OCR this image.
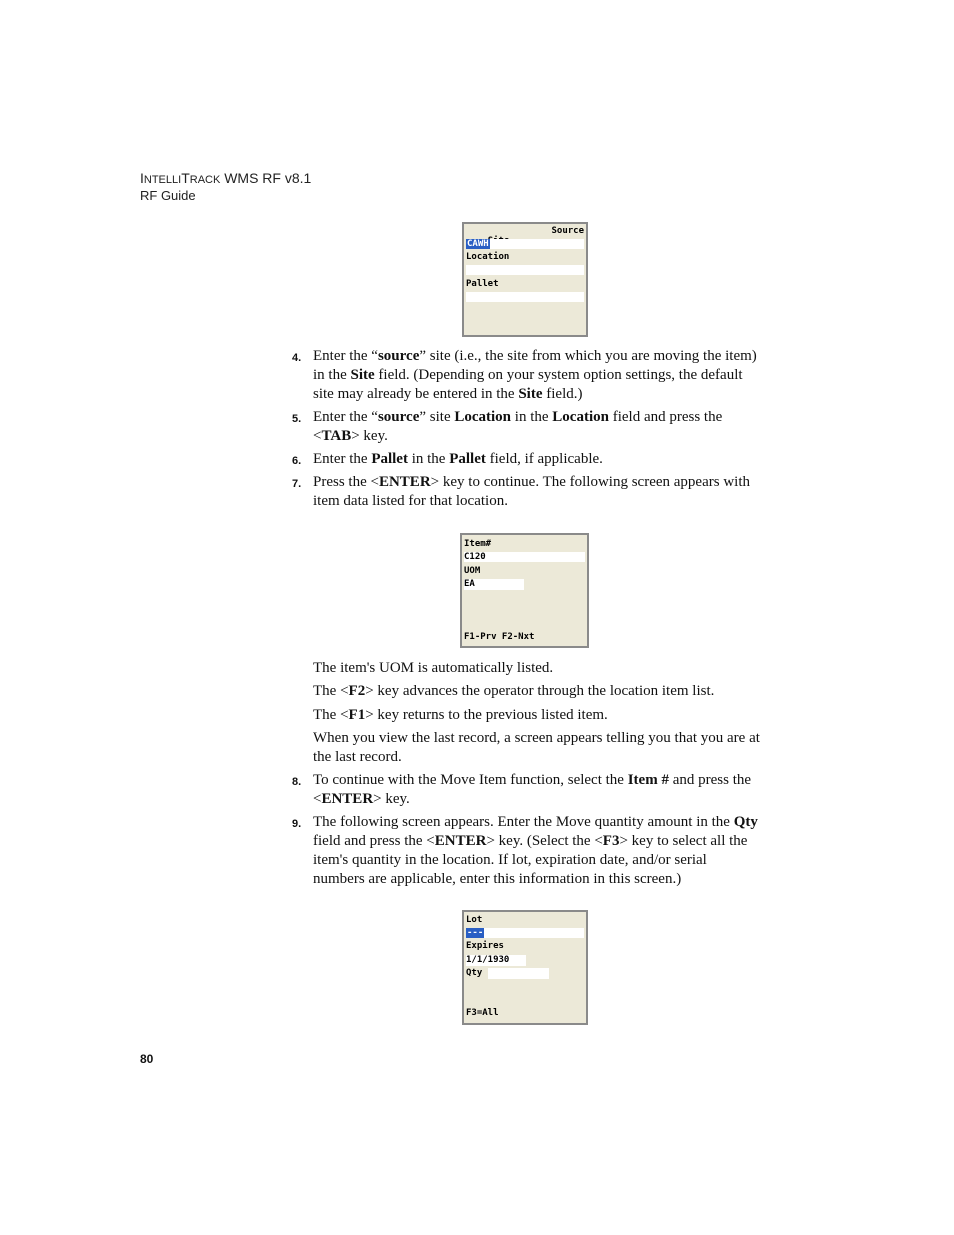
INTELLITRACK WMS RF v8.1
RF Guide

Source

CAWH
Location
Pallet
4. Enter the “source” site (i.e., the site from which you are moving the item) in the Site field. (Depending on your system option settings, the default site may already be entered in the Site field.)
5. Enter the “source” site Location in the Location field and press the <TAB> key.
6. Enter the Pallet in the Pallet field, if applicable.
7. Press the <ENTER> key to continue. The following screen appears with item data listed for that location.
Item#
C120
UOM
EA
F1-Prv F2-Nxt
The item's UOM is automatically listed.
The <F2> key advances the operator through the location item list.
The <F1> key returns to the previous listed item.
When you view the last record, a screen appears telling you that you are at the last record.
8. To continue with the Move Item function, select the Item # and press the <ENTER> key.
9. The following screen appears. Enter the Move quantity amount in the Qty field and press the <ENTER> key. (Select the <F3> key to select all the item's quantity in the location. If lot, expiration date, and/or serial numbers are applicable, enter this information in this screen.)
Lot
---
Expires
1/1/1930
Qty
F3=All
80
